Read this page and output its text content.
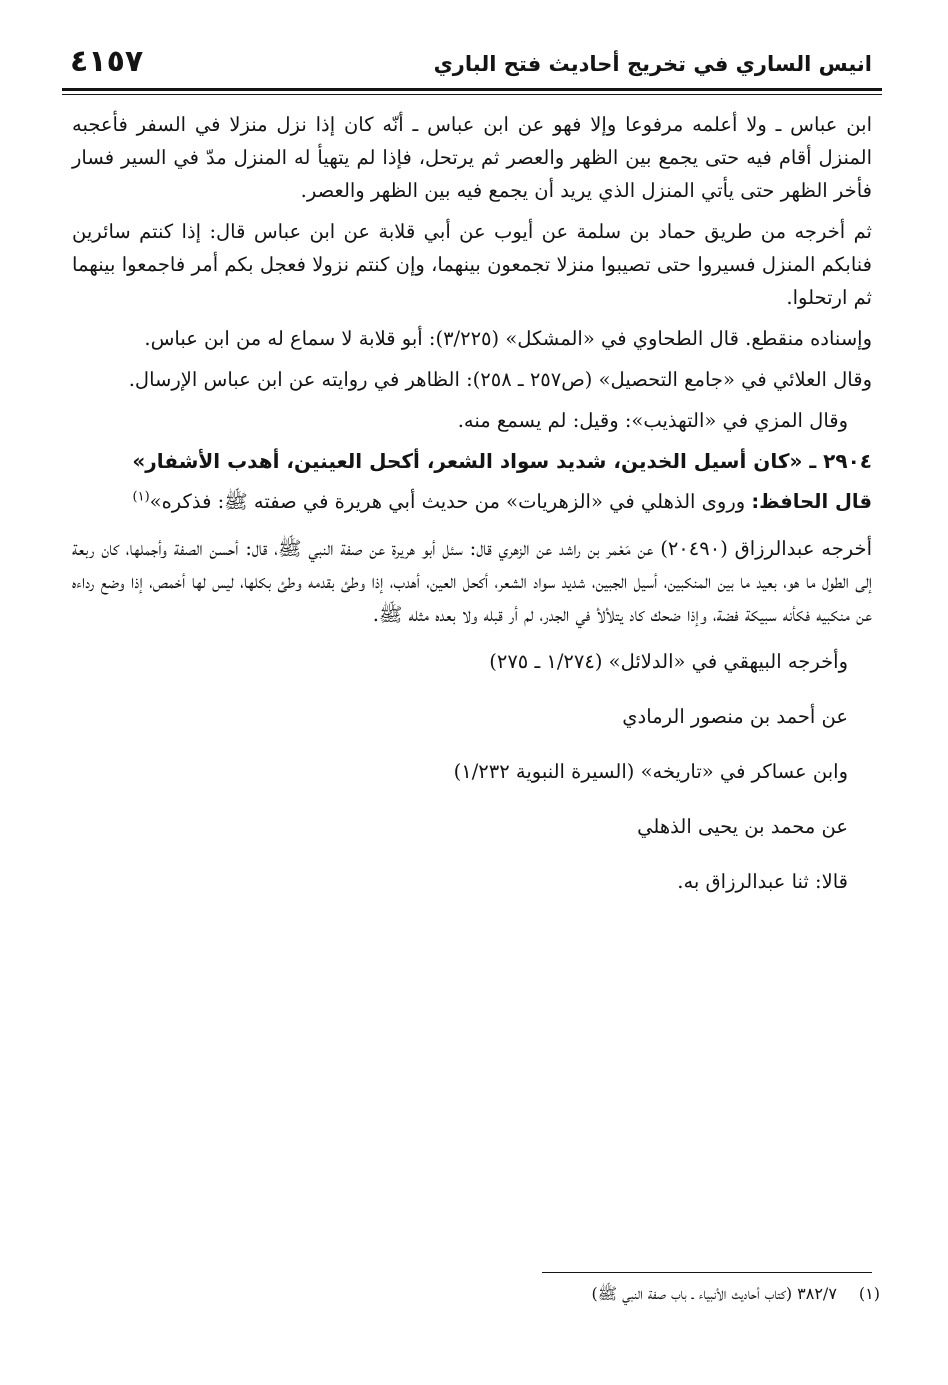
انيس الساري في تخريج أحاديث فتح الباري
٤١٥٧

ابن عباس ـ ولا أعلمه مرفوعا وإلا فهو عن ابن عباس ـ أنّه كان إذا نزل منزلا في السفر فأعجبه المنزل أقام فيه حتى يجمع بين الظهر والعصر ثم يرتحل، فإذا لم يتهيأ له المنزل مدّ في السير فسار فأخر الظهر حتى يأتي المنزل الذي يريد أن يجمع فيه بين الظهر والعصر.

ثم أخرجه من طريق حماد بن سلمة عن أيوب عن أبي قلابة عن ابن عباس قال: إذا كنتم سائرين فنابكم المنزل فسيروا حتى تصيبوا منزلا تجمعون بينهما، وإن كنتم نزولا فعجل بكم أمر فاجمعوا بينهما ثم ارتحلوا.

وإسناده منقطع. قال الطحاوي في «المشكل» (٣/٢٢٥): أبو قلابة لا سماع له من ابن عباس.

وقال العلائي في «جامع التحصيل» (ص٢٥٧ ـ ٢٥٨): الظاهر في روايته عن ابن عباس الإرسال.

وقال المزي في «التهذيب»: وقيل: لم يسمع منه.

٢٩٠٤ ـ «كان أسيل الخدين، شديد سواد الشعر، أكحل العينين، أهدب الأشفار»

قال الحافظ: وروى الذهلي في «الزهريات» من حديث أبي هريرة في صفته ﷺ: فذكره»$^{(١)}$

أخرجه عبدالرزاق (٢٠٤٩٠) عن مَعْمر بن راشد عن الزهري قال: سئل أبو هريرة عن صفة النبي ﷺ، قال: أحسن الصفة وأجملها، كان ربعة إلى الطول ما هو، بعيد ما بين المنكبين، أسيل الجبين، شديد سواد الشعر، أكحل العين، أهدب، إذا وطئ بقدمه وطئ بكلها، ليس لها أخمص، إذا وضع رداءه عن منكبيه فكأنه سبيكة فضة، وإذا ضحك كاد يتلألأ في الجدر، لم أر قبله ولا بعده مثله ﷺ.

وأخرجه البيهقي في «الدلائل» (١/٢٧٤ ـ ٢٧٥)
عن أحمد بن منصور الرمادي
وابن عساكر في «تاريخه» (السيرة النبوية ١/٢٣٢)
عن محمد بن يحيى الذهلي
قالا: ثنا عبدالرزاق به.
(١)٣٨٢/٧ (كتاب أحاديث الأنبياء ـ باب صفة النبي ﷺ)
